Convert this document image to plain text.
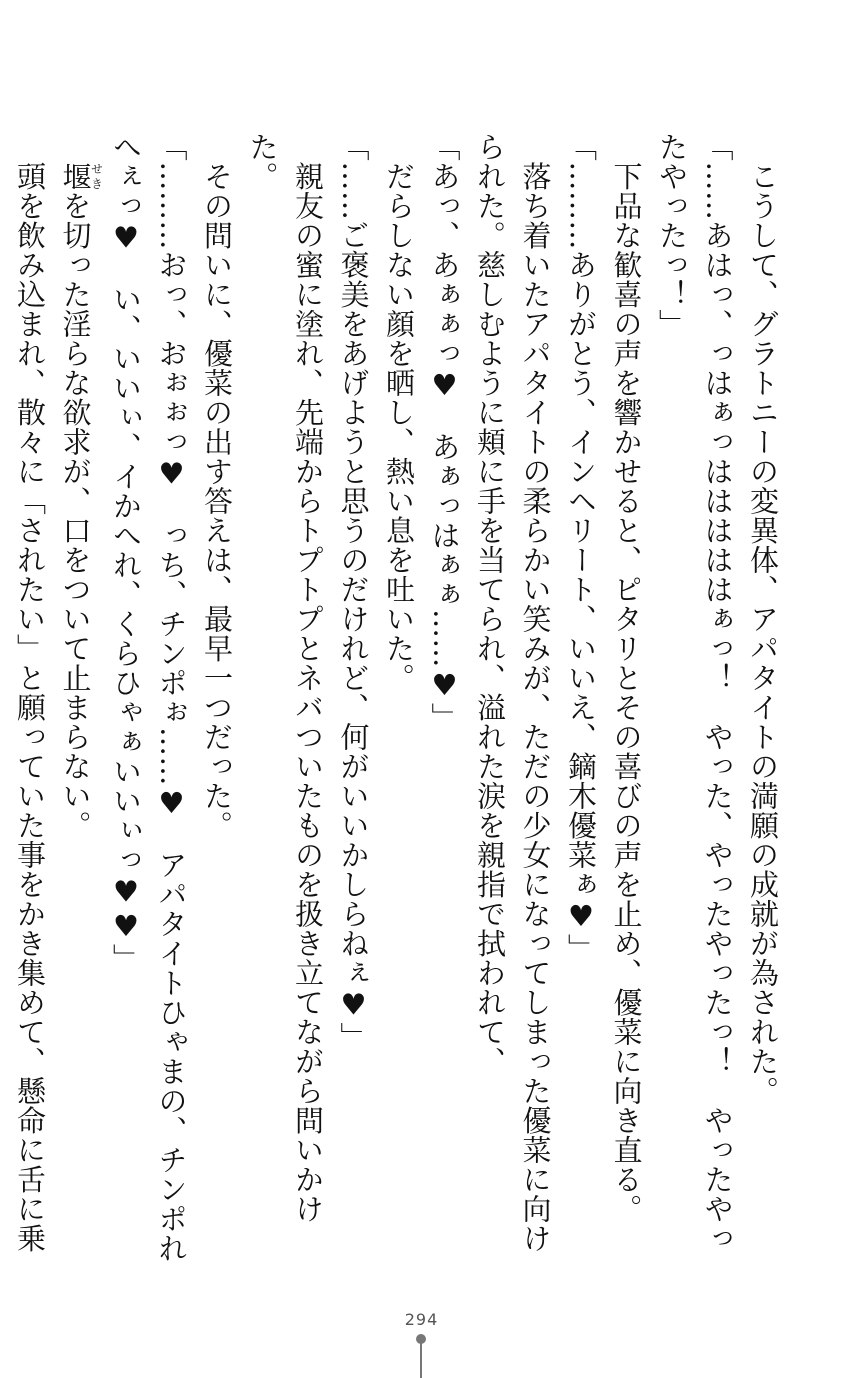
　こうして、グラトニーの変異体、アパタイトの満願の成就が為された。

「……あはっ、っはぁっはははははぁっ！　やった、やったやったっ！　やったやったやったっ！」

　下品な歓喜の声を響かせると、ピタリとその喜びの声を止め、優菜に向き直る。

「………ありがとう、インヘリート、いいえ、鏑木優菜ぁ♥」

　落ち着いたアパタイトの柔らかい笑みが、ただの少女になってしまった優菜に向けられた。慈しむように頬に手を当てられ、溢れた涙を親指で拭われて、

「あっ、あぁぁっ♥　あぁっはぁぁ……♥」

　だらしない顔を晒し、熱い息を吐いた。

「……ご褒美をあげようと思うのだけれど、何がいいかしらねぇ♥」

　親友の蜜に塗れ、先端からトプトプとネバついたものを扱き立てながら問いかけた。

　その問いに、優菜の出す答えは、最早一つだった。

「………おっ、おぉぉっ♥　っち、チンポぉ……♥　アパタイトひゃまの、チンポれへぇっ♥　い、いいぃ、イかへれ、くらひゃぁいいぃっ♥♥」

　堰せきを切った淫らな欲求が、口をついて止まらない。

　頭を飲み込まれ、散々に「されたい」と願っていた事をかき集めて、懸命に舌に乗

294
